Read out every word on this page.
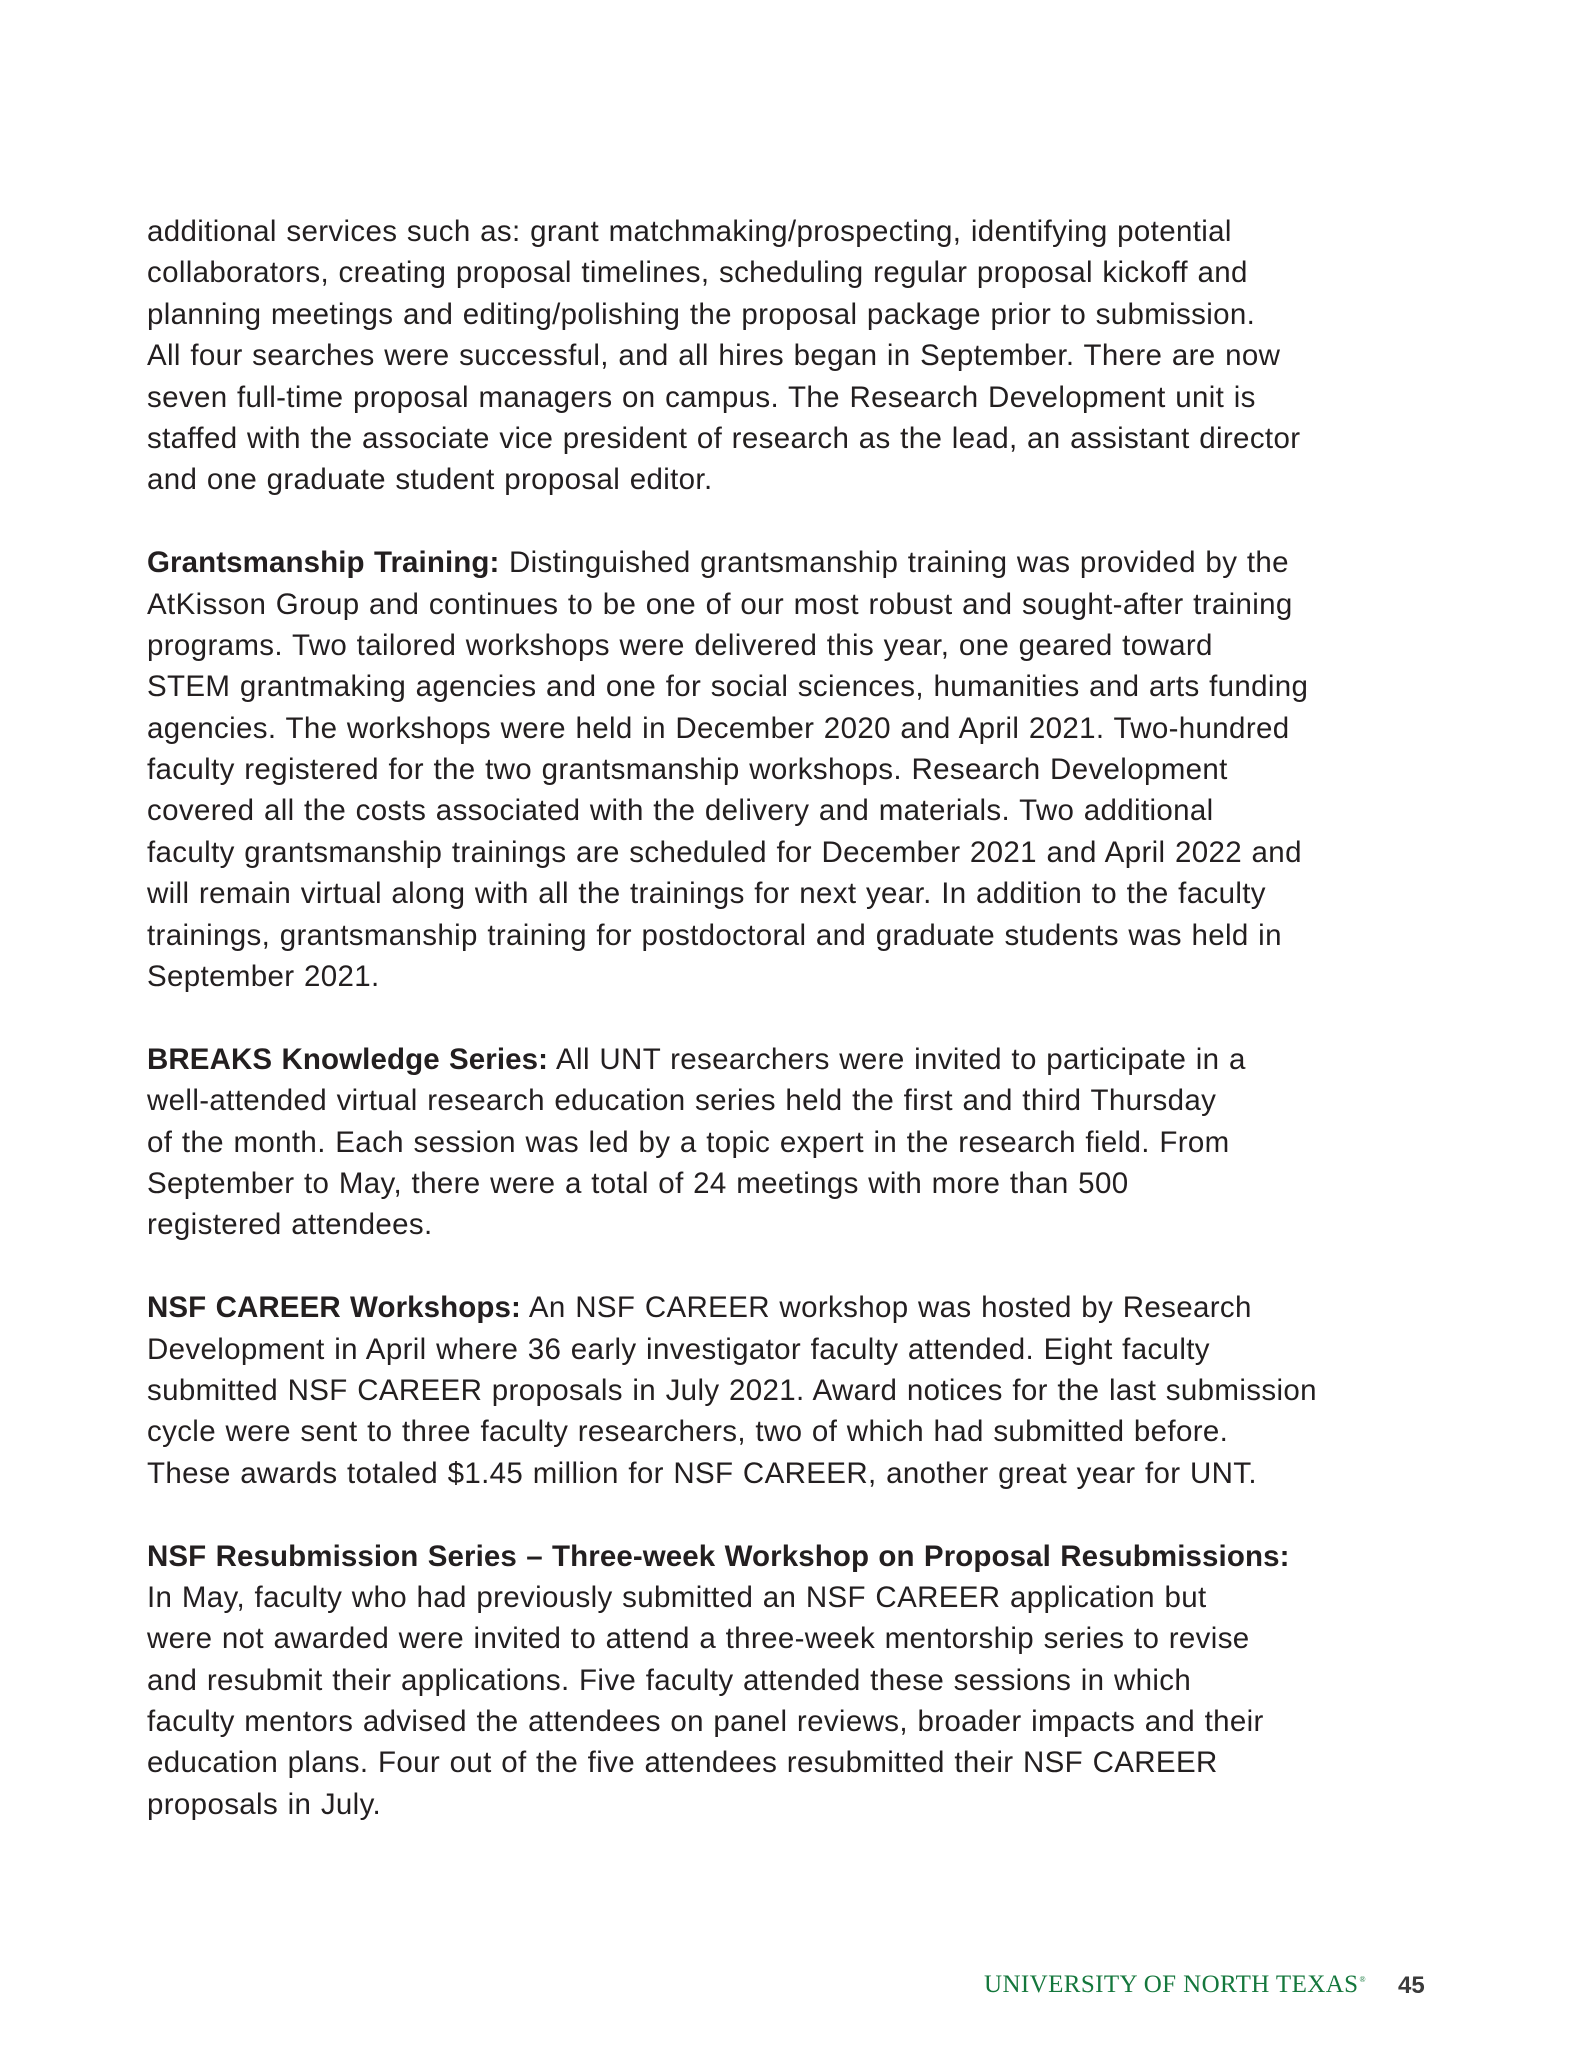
additional services such as: grant matchmaking/prospecting, identifying potential
collaborators, creating proposal timelines, scheduling regular proposal kickoff and
planning meetings and editing/polishing the proposal package prior to submission.
All four searches were successful, and all hires began in September. There are now
seven full-time proposal managers on campus. The Research Development unit is
staffed with the associate vice president of research as the lead, an assistant director
and one graduate student proposal editor.
Grantsmanship Training: Distinguished grantsmanship training was provided by the
AtKisson Group and continues to be one of our most robust and sought-after training
programs. Two tailored workshops were delivered this year, one geared toward
STEM grantmaking agencies and one for social sciences, humanities and arts funding
agencies. The workshops were held in December 2020 and April 2021. Two-hundred
faculty registered for the two grantsmanship workshops. Research Development
covered all the costs associated with the delivery and materials. Two additional
faculty grantsmanship trainings are scheduled for December 2021 and April 2022 and
will remain virtual along with all the trainings for next year. In addition to the faculty
trainings, grantsmanship training for postdoctoral and graduate students was held in
September 2021.
BREAKS Knowledge Series: All UNT researchers were invited to participate in a
well-attended virtual research education series held the first and third Thursday
of the month. Each session was led by a topic expert in the research field. From
September to May, there were a total of 24 meetings with more than 500
registered attendees.
NSF CAREER Workshops: An NSF CAREER workshop was hosted by Research
Development in April where 36 early investigator faculty attended. Eight faculty
submitted NSF CAREER proposals in July 2021. Award notices for the last submission
cycle were sent to three faculty researchers, two of which had submitted before.
These awards totaled $1.45 million for NSF CAREER, another great year for UNT.
NSF Resubmission Series – Three-week Workshop on Proposal Resubmissions:
In May, faculty who had previously submitted an NSF CAREER application but
were not awarded were invited to attend a three-week mentorship series to revise
and resubmit their applications. Five faculty attended these sessions in which
faculty mentors advised the attendees on panel reviews, broader impacts and their
education plans. Four out of the five attendees resubmitted their NSF CAREER
proposals in July.
UNIVERSITY OF NORTH TEXAS® 45
